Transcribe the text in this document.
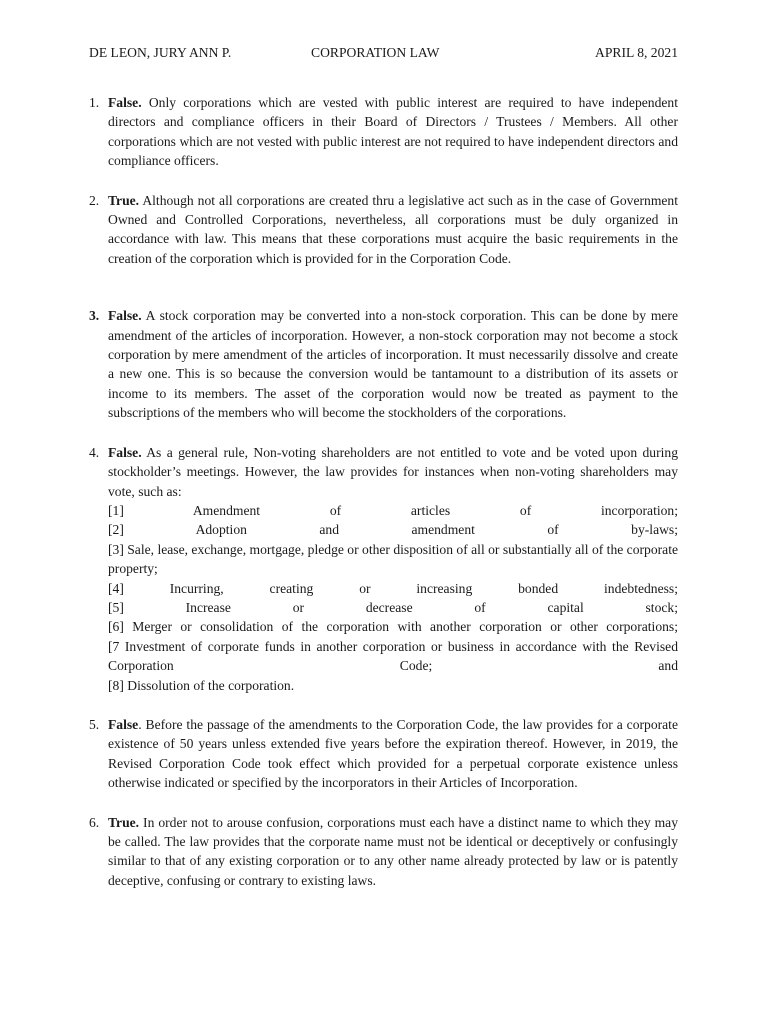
DE LEON, JURY ANN P.	CORPORATION LAW	APRIL 8, 2021
1. False. Only corporations which are vested with public interest are required to have independent directors and compliance officers in their Board of Directors / Trustees / Members. All other corporations which are not vested with public interest are not required to have independent directors and compliance officers.
2. True. Although not all corporations are created thru a legislative act such as in the case of Government Owned and Controlled Corporations, nevertheless, all corporations must be duly organized in accordance with law. This means that these corporations must acquire the basic requirements in the creation of the corporation which is provided for in the Corporation Code.
3. False. A stock corporation may be converted into a non-stock corporation. This can be done by mere amendment of the articles of incorporation. However, a non-stock corporation may not become a stock corporation by mere amendment of the articles of incorporation. It must necessarily dissolve and create a new one. This is so because the conversion would be tantamount to a distribution of its assets or income to its members. The asset of the corporation would now be treated as payment to the subscriptions of the members who will become the stockholders of the corporations.
4. False. As a general rule, Non-voting shareholders are not entitled to vote and be voted upon during stockholder’s meetings. However, the law provides for instances when non-voting shareholders may vote, such as:
[1] Amendment of articles of incorporation;
[2] Adoption and amendment of by-laws;
[3] Sale, lease, exchange, mortgage, pledge or other disposition of all or substantially all of the corporate property;
[4] Incurring, creating or increasing bonded indebtedness;
[5] Increase or decrease of capital stock;
[6] Merger or consolidation of the corporation with another corporation or other corporations;
[7 Investment of corporate funds in another corporation or business in accordance with the Revised Corporation Code; and
[8] Dissolution of the corporation.
5. False. Before the passage of the amendments to the Corporation Code, the law provides for a corporate existence of 50 years unless extended five years before the expiration thereof. However, in 2019, the Revised Corporation Code took effect which provided for a perpetual corporate existence unless otherwise indicated or specified by the incorporators in their Articles of Incorporation.
6. True. In order not to arouse confusion, corporations must each have a distinct name to which they may be called. The law provides that the corporate name must not be identical or deceptively or confusingly similar to that of any existing corporation or to any other name already protected by law or is patently deceptive, confusing or contrary to existing laws.
